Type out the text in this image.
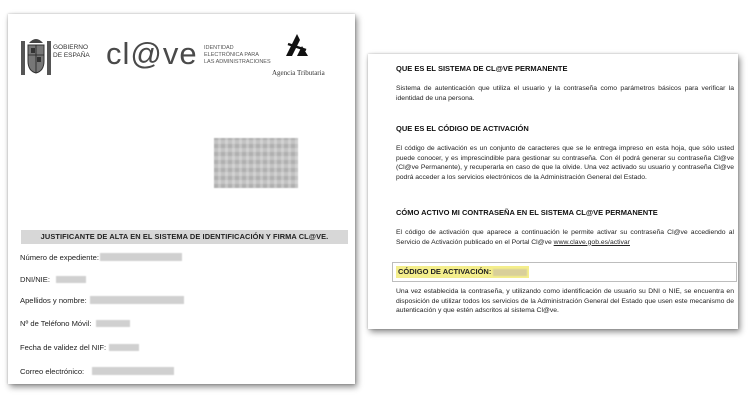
GOBIERNO
DE ESPAÑA cl@ve IDENTIDAD
ELECTRÓNICA PARA
LAS ADMINISTRACIONES
Agencia Tributaria
JUSTIFICANTE DE ALTA EN EL SISTEMA DE IDENTIFICACIÓN Y FIRMA CL@VE.
Número de expediente:
DNI/NIE:
Apellidos y nombre:
Nº de Teléfono Móvil:
Fecha de validez del NIF:
Correo electrónico:
QUE ES EL SISTEMA DE CL@VE PERMANENTE
Sistema de autenticación que utiliza el usuario y la contraseña como parámetros básicos para verificar la identidad de una persona.
QUE ES EL CÓDIGO DE ACTIVACIÓN
El código de activación es un conjunto de caracteres que se le entrega impreso en esta hoja, que sólo usted puede conocer, y es imprescindible para gestionar su contraseña. Con él podrá generar su contraseña Cl@ve (Cl@ve Permanente), y recuperarla en caso de que la olvide. Una vez activado su usuario y contraseña Cl@ve podrá acceder a los servicios electrónicos de la Administración General del Estado.
CÓMO ACTIVO MI CONTRASEÑA EN EL SISTEMA CL@VE PERMANENTE
El código de activación que aparece a continuación le permite activar su contraseña Cl@ve accediendo al Servicio de Activación publicado en el Portal Cl@ve www.clave.gob.es/activar
CÓDIGO DE ACTIVACIÓN:
Una vez establecida la contraseña, y utilizando como identificación de usuario su DNI o NIE, se encuentra en disposición de utilizar todos los servicios de la Administración General del Estado que usen este mecanismo de autenticación y que estén adscritos al sistema Cl@ve.
